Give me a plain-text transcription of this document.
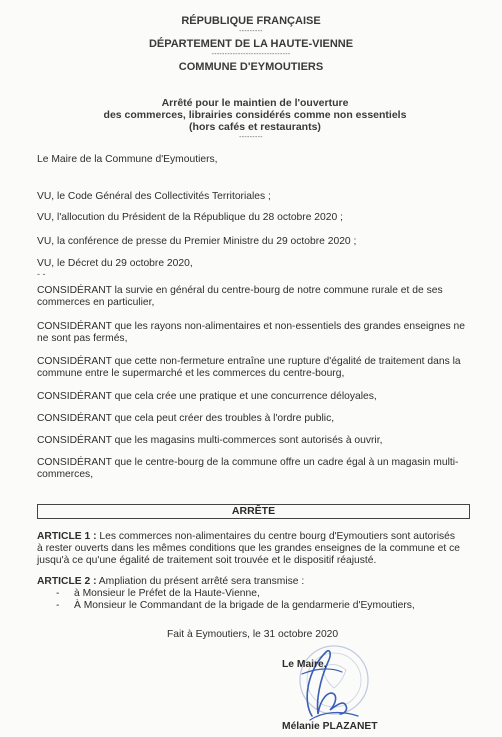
RÉPUBLIQUE FRANÇAISE
---------
DÉPARTEMENT DE LA HAUTE-VIENNE
------------------------------
COMMUNE D'EYMOUTIERS
Arrêté pour le maintien de l'ouverture
des commerces, librairies considérés comme non essentiels
(hors cafés et restaurants)
---------
Le Maire de la Commune d'Eymoutiers,
VU, le Code Général des Collectivités Territoriales ;
VU, l'allocution du Président de la République du 28 octobre 2020 ;
VU, la conférence de presse du Premier Ministre du 29 octobre 2020 ;
VU, le Décret du 29 octobre 2020,
- -
CONSIDÉRANT la survie en général du centre-bourg de notre commune rurale et de ses
commerces en particulier,
CONSIDÉRANT que les rayons non-alimentaires et non-essentiels des grandes enseignes ne
ne sont pas fermés,
CONSIDÉRANT que cette non-fermeture entraîne une rupture d'égalité de traitement dans la
commune entre le supermarché et les commerces du centre-bourg,
CONSIDÉRANT que cela crée une pratique et une concurrence déloyales,
CONSIDÉRANT que cela peut créer des troubles à l'ordre public,
CONSIDÉRANT que les magasins multi-commerces sont autorisés à ouvrir,
CONSIDÉRANT que le centre-bourg de la commune offre un cadre égal à un magasin multi-
commerces,
ARRÊTE
ARTICLE 1 : Les commerces non-alimentaires du centre bourg d'Eymoutiers sont autorisés
à rester ouverts dans les mêmes conditions que les grandes enseignes de la commune et ce
jusqu'à ce qu'une égalité de traitement soit trouvée et le dispositif réajusté.
ARTICLE 2 : Ampliation du présent arrêté sera transmise :
- à Monsieur le Préfet de la Haute-Vienne,
- À Monsieur le Commandant de la brigade de la gendarmerie d'Eymoutiers,
Fait à Eymoutiers, le 31 octobre 2020
Le Maire,
Mélanie PLAZANET
